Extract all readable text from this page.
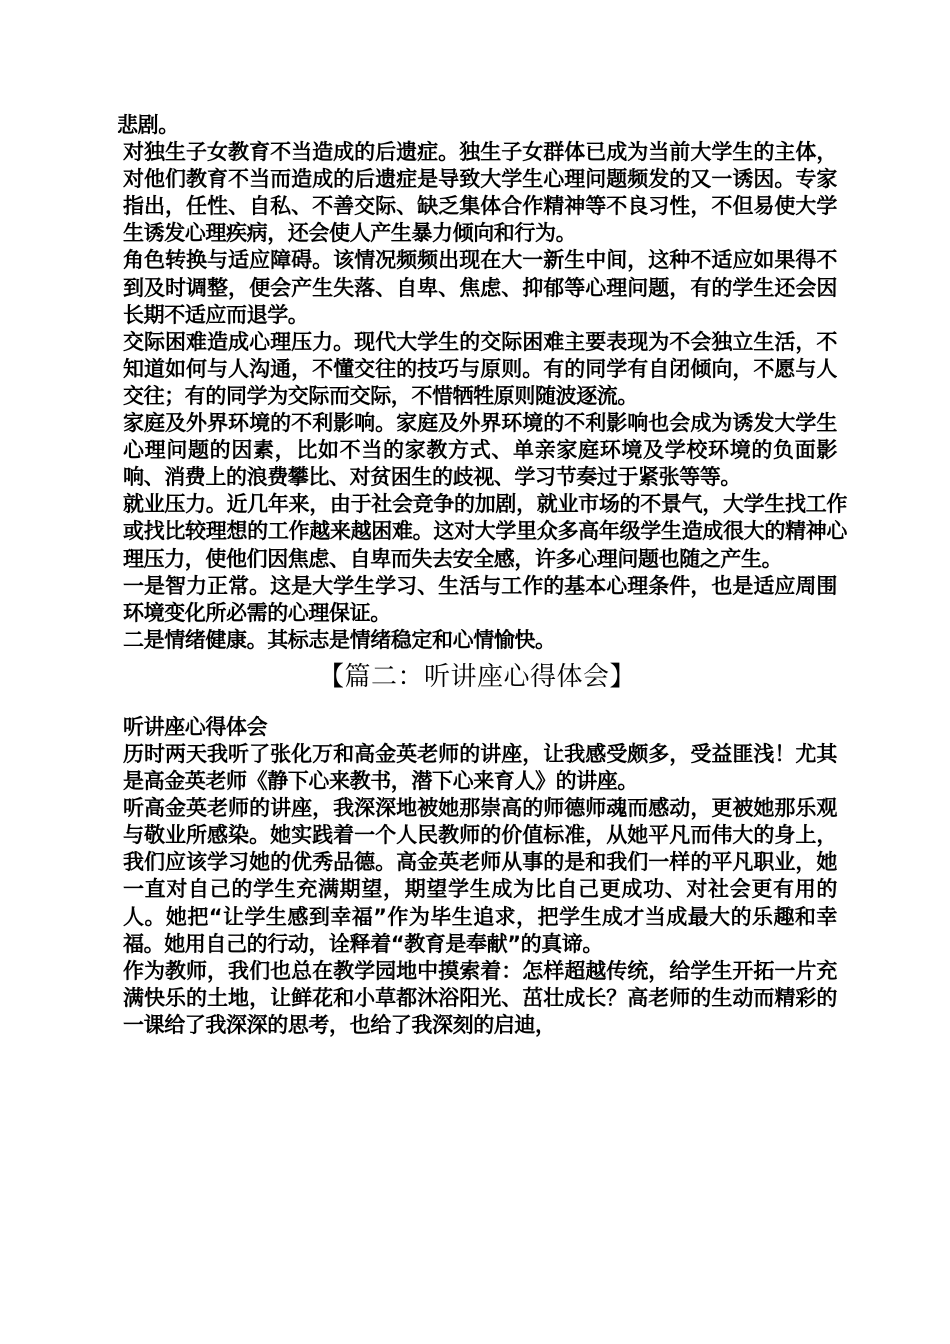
悲剧。

对独生子女教育不当造成的后遗症。独生子女群体已成为当前大学生的主体，对他们教育不当而造成的后遗症是导致大学生心理问题频发的又一诱因。专家指出，任性、自私、不善交际、缺乏集体合作精神等不良习性，不但易使大学生诱发心理疾病，还会使人产生暴力倾向和行为。

角色转换与适应障碍。该情况频频出现在大一新生中间，这种不适应如果得不到及时调整，便会产生失落、自卑、焦虑、抑郁等心理问题，有的学生还会因长期不适应而退学。

交际困难造成心理压力。现代大学生的交际困难主要表现为不会独立生活，不知道如何与人沟通，不懂交往的技巧与原则。有的同学有自闭倾向，不愿与人交往；有的同学为交际而交际，不惜牺牲原则随波逐流。

家庭及外界环境的不利影响。家庭及外界环境的不利影响也会成为诱发大学生心理问题的因素，比如不当的家教方式、单亲家庭环境及学校环境的负面影响、消费上的浪费攀比、对贫困生的歧视、学习节奏过于紧张等等。

就业压力。近几年来，由于社会竞争的加剧，就业市场的不景气，大学生找工作或找比较理想的工作越来越困难。这对大学里众多高年级学生造成很大的精神心理压力，使他们因焦虑、自卑而失去安全感，许多心理问题也随之产生。

一是智力正常。这是大学生学习、生活与工作的基本心理条件，也是适应周围环境变化所必需的心理保证。

二是情绪健康。其标志是情绪稳定和心情愉快。

【篇二：听讲座心得体会】

听讲座心得体会

历时两天我听了张化万和高金英老师的讲座，让我感受颇多，受益匪浅！尤其是高金英老师《静下心来教书，潜下心来育人》的讲座。

听高金英老师的讲座，我深深地被她那崇高的师德师魂而感动，更被她那乐观与敬业所感染。她实践着一个人民教师的价值标准，从她平凡而伟大的身上，我们应该学习她的优秀品德。高金英老师从事的是和我们一样的平凡职业，她一直对自己的学生充满期望，期望学生成为比自己更成功、对社会更有用的人。她把“让学生感到幸福”作为毕生追求，把学生成才当成最大的乐趣和幸福。她用自己的行动，诠释着“教育是奉献”的真谛。

作为教师，我们也总在教学园地中摸索着：怎样超越传统，给学生开拓一片充满快乐的土地，让鲜花和小草都沐浴阳光、茁壮成长？高老师的生动而精彩的一课给了我深深的思考，也给了我深刻的启迪，
